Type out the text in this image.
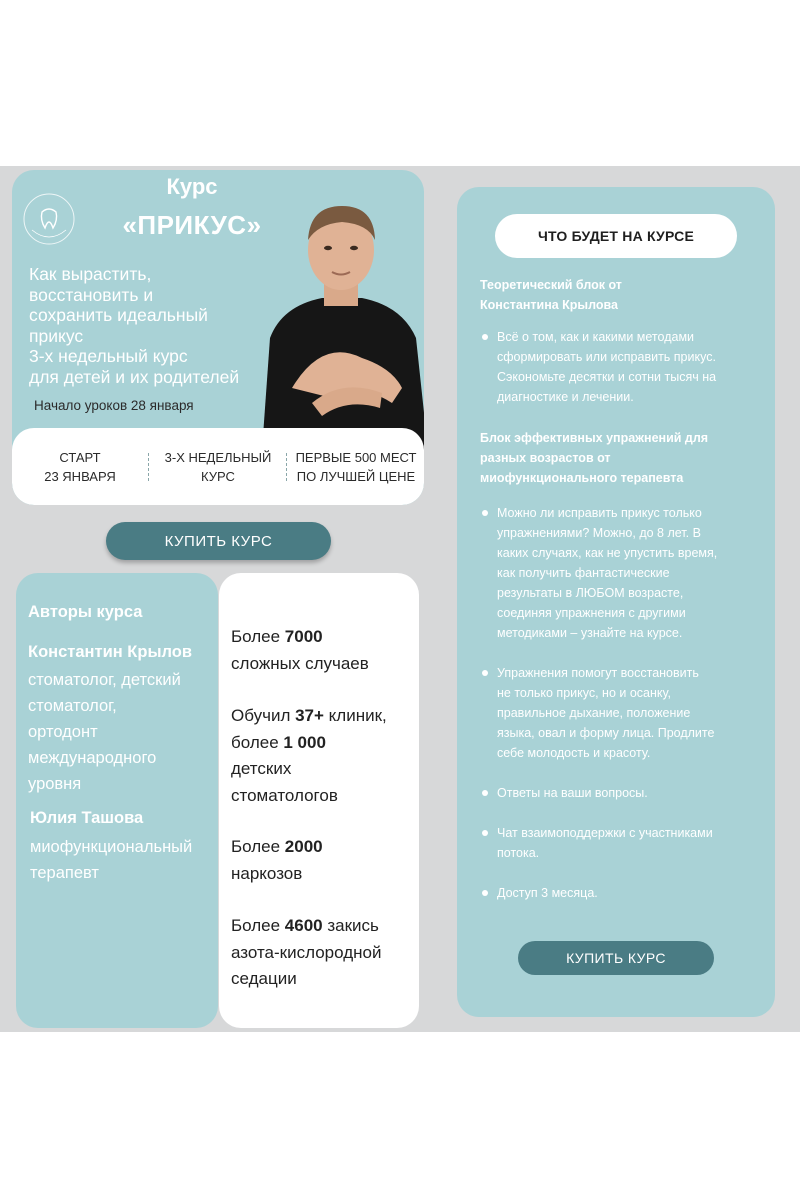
Курс
«ПРИКУС»

Как вырастить,
восстановить и
сохранить идеальный
прикус
3-х недельный курс
для детей и их родителей

Начало уроков 28 января
СТАРТ
23 ЯНВАРЯ
3-Х НЕДЕЛЬНЫЙ
КУРС
ПЕРВЫЕ 500 МЕСТ
ПО ЛУЧШЕЙ ЦЕНЕ
КУПИТЬ КУРС
Авторы курса
Константин Крылов

стоматолог, детский
стоматолог,
ортодонт
международного
уровня

Юлия Ташова
миофункциональный терапевт

Более 7000
сложных случаев

Обучил 37+ клиник,
более 1 000
детских
стоматологов

Более 2000
наркозов

Более 4600 закись
азота-кислородной
седации

ЧТО БУДЕТ НА КУРСЕ

Теоретический блок от
Константина Крылова

Всё о том, как и какими методами
сформировать или исправить прикус.
Сэкономьте десятки и сотни тысяч на
диагностике и лечении.

Блок эффективных упражнений для
разных возрастов от
миофункционального терапевта

Можно ли исправить прикус только
упражнениями? Можно, до 8 лет. В
каких случаях, как не упустить время,
как получить фантастические
результаты в ЛЮБОМ возрасте,
соединяя упражнения с другими
методиками – узнайте на курсе.
Упражнения помогут восстановить
не только прикус, но и осанку,
правильное дыхание, положение
языка, овал и форму лица. Продлите
себе молодость и красоту.
Ответы на ваши вопросы.
Чат взаимоподдержки с участниками
потока.
Доступ 3 месяца.
КУПИТЬ КУРС
